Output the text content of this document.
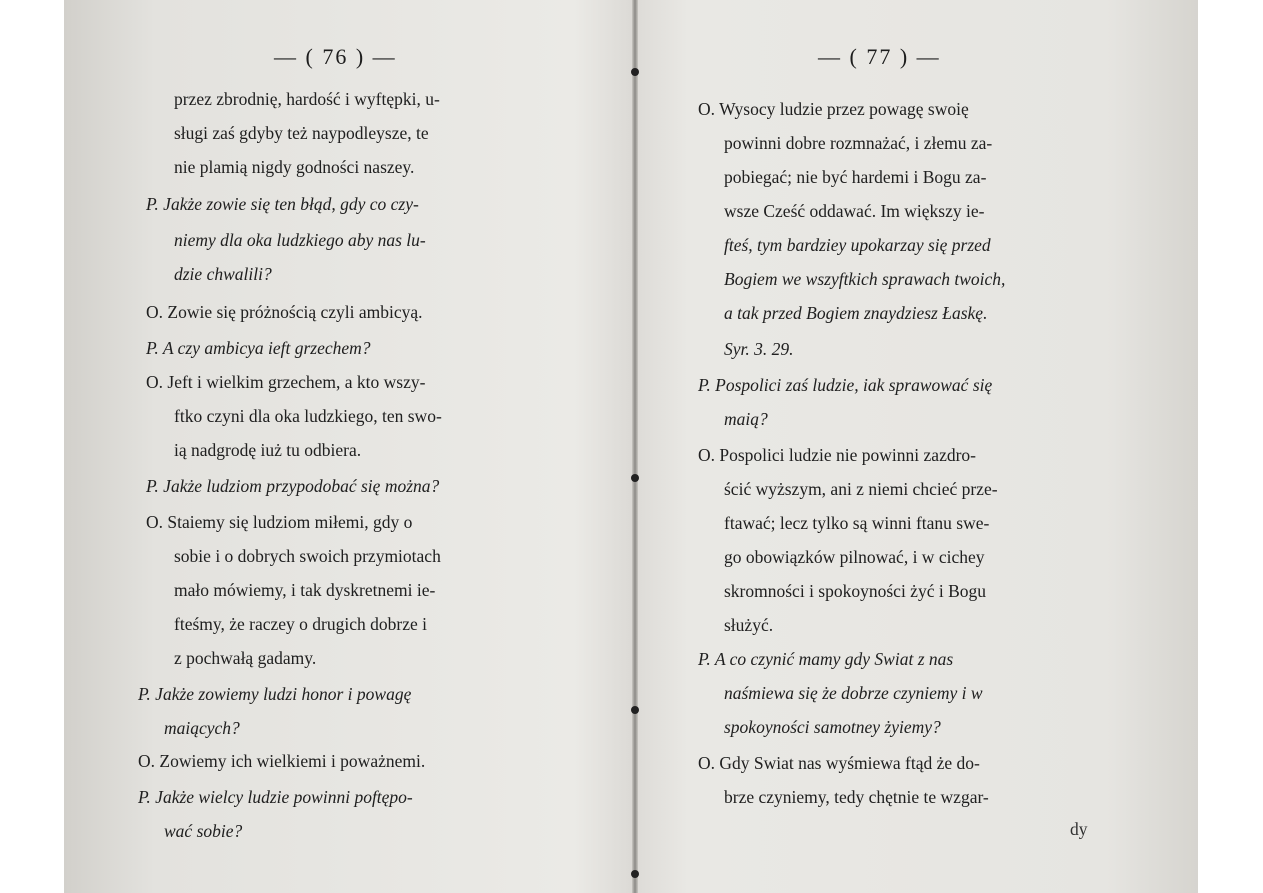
— ( 76 ) —
przez zbrodnię, hardość i wyftępki, u-
sługi zaś gdyby też naypodleysze, te
nie plamią nigdy godności naszey.
P. Jakże zowie się ten błąd, gdy co czy-
niemy dla oka ludzkiego aby nas lu-
dzie chwalili?
O. Zowie się próżnością czyli ambicyą.
P. A czy ambicya ieft grzechem?
O. Jeft i wielkim grzechem, a kto wszy-
ftko czyni dla oka ludzkiego, ten swo-
ią nadgrodę iuż tu odbiera.
P. Jakże ludziom przypodobać się można?
O. Staiemy się ludziom miłemi, gdy o
sobie i o dobrych swoich przymiotach
mało mówiemy, i tak dyskretnemi ie-
fteśmy, że raczey o drugich dobrze i
z pochwałą gadamy.
P. Jakże zowiemy ludzi honor i powagę
maiących?
O. Zowiemy ich wielkiemi i poważnemi.
P. Jakże wielcy ludzie powinni poftępo-
wać sobie?
— ( 77 ) —
O. Wysocy ludzie przez powagę swoię
powinni dobre rozmnażać, i złemu za-
pobiegać; nie być hardemi i Bogu za-
wsze Cześć oddawać. Im większy ie-
fteś, tym bardziey upokarzay się przed
Bogiem we wszyftkich sprawach twoich,
a tak przed Bogiem znaydziesz Łaskę.
Syr. 3. 29.
P. Pospolici zaś ludzie, iak sprawować się
maią?
O. Pospolici ludzie nie powinni zazdro-
ścić wyższym, ani z niemi chcieć prze-
ftawać; lecz tylko są winni ftanu swe-
go obowiązków pilnować, i w cichey
skromności i spokoyności żyć i Bogu
służyć.
P. A co czynić mamy gdy Swiat z nas
naśmiewa się że dobrze czyniemy i w
spokoyności samotney żyiemy?
O. Gdy Swiat nas wyśmiewa ftąd że do-
brze czyniemy, tedy chętnie te wzgar-
dy
